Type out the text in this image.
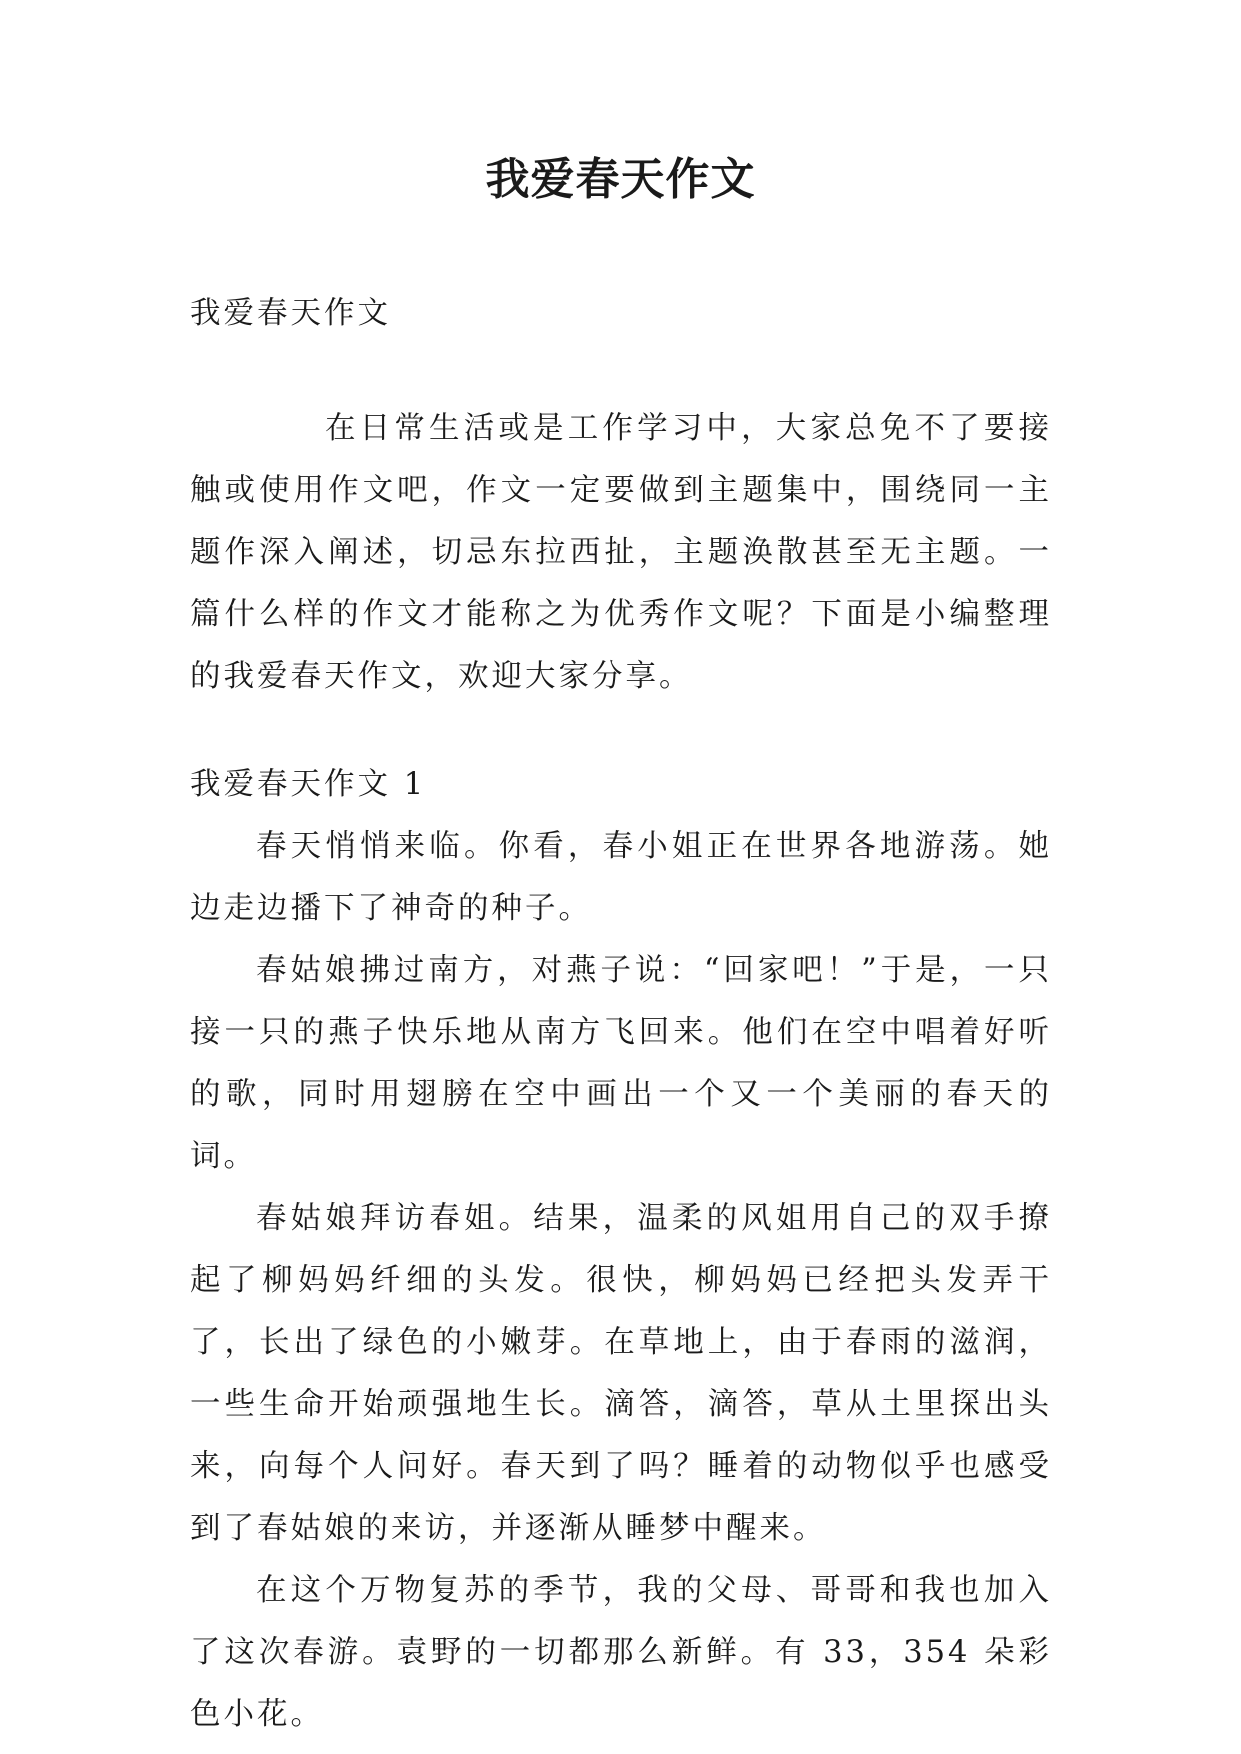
我爱春天作文
我爱春天作文
在日常生活或是工作学习中，大家总免不了要接触或使用作文吧，作文一定要做到主题集中，围绕同一主题作深入阐述，切忌东拉西扯，主题涣散甚至无主题。一篇什么样的作文才能称之为优秀作文呢？下面是小编整理的我爱春天作文，欢迎大家分享。
我爱春天作文 1

春天悄悄来临。你看，春小姐正在世界各地游荡。她边走边播下了神奇的种子。

春姑娘拂过南方，对燕子说：“回家吧！”于是，一只接一只的燕子快乐地从南方飞回来。他们在空中唱着好听的歌，同时用翅膀在空中画出一个又一个美丽的春天的词。

春姑娘拜访春姐。结果，温柔的风姐用自己的双手撩起了柳妈妈纤细的头发。很快，柳妈妈已经把头发弄干了，长出了绿色的小嫩芽。在草地上，由于春雨的滋润，一些生命开始顽强地生长。滴答，滴答，草从土里探出头来，向每个人问好。春天到了吗？睡着的动物似乎也感受到了春姑娘的来访，并逐渐从睡梦中醒来。

在这个万物复苏的季节，我的父母、哥哥和我也加入了这次春游。袁野的一切都那么新鲜。有 33，354 朵彩色小花。
